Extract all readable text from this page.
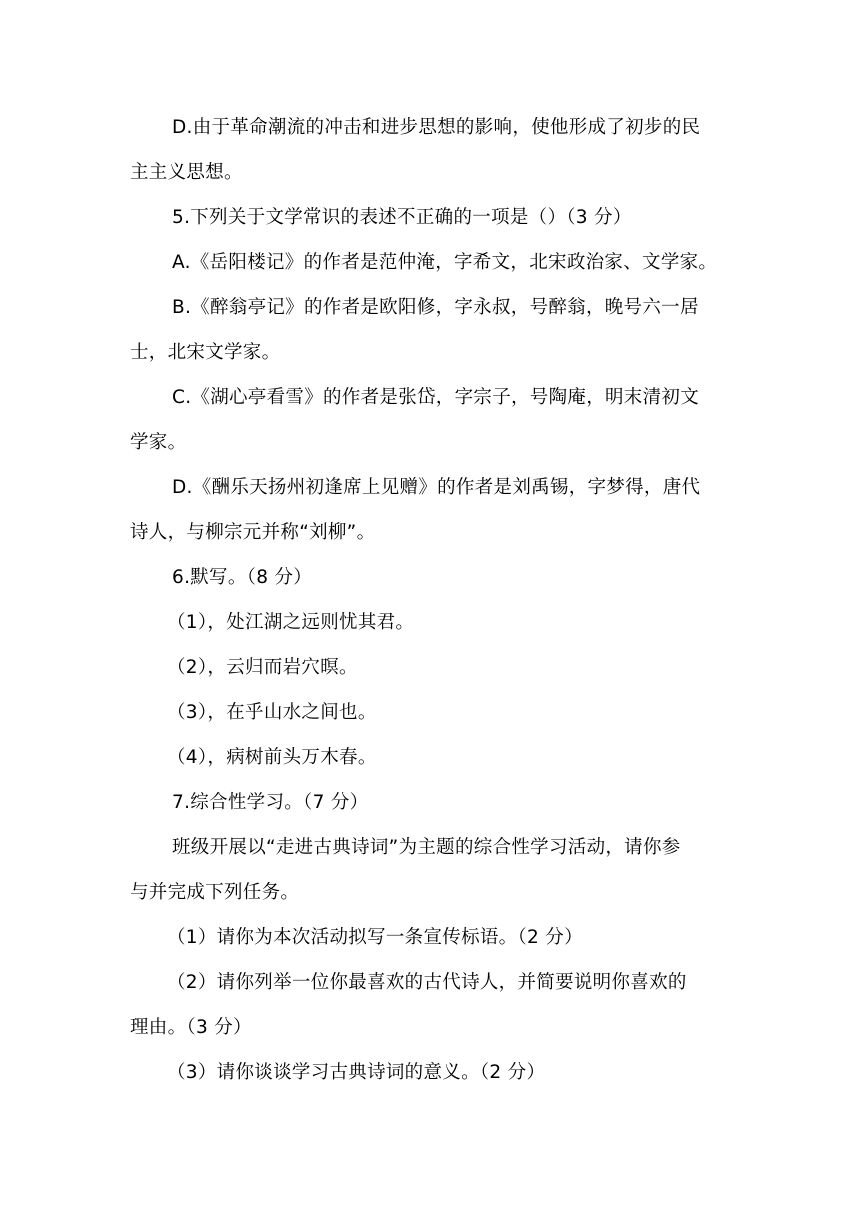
D.由于革命潮流的冲击和进步思想的影响，使他形成了初步的民
主主义思想。
5.下列关于文学常识的表述不正确的一项是（）（3 分）
A.《岳阳楼记》的作者是范仲淹，字希文，北宋政治家、文学家。
B.《醉翁亭记》的作者是欧阳修，字永叔，号醉翁，晚号六一居
士，北宋文学家。
C.《湖心亭看雪》的作者是张岱，字宗子，号陶庵，明末清初文
学家。
D.《酬乐天扬州初逢席上见赠》的作者是刘禹锡，字梦得，唐代
诗人，与柳宗元并称“刘柳”。
6.默写。（8 分）
（1），处江湖之远则忧其君。
（2），云归而岩穴暝。
（3），在乎山水之间也。
（4），病树前头万木春。
7.综合性学习。（7 分）
班级开展以“走进古典诗词”为主题的综合性学习活动，请你参
与并完成下列任务。
（1）请你为本次活动拟写一条宣传标语。（2 分）
（2）请你列举一位你最喜欢的古代诗人，并简要说明你喜欢的
理由。（3 分）
（3）请你谈谈学习古典诗词的意义。（2 分）
